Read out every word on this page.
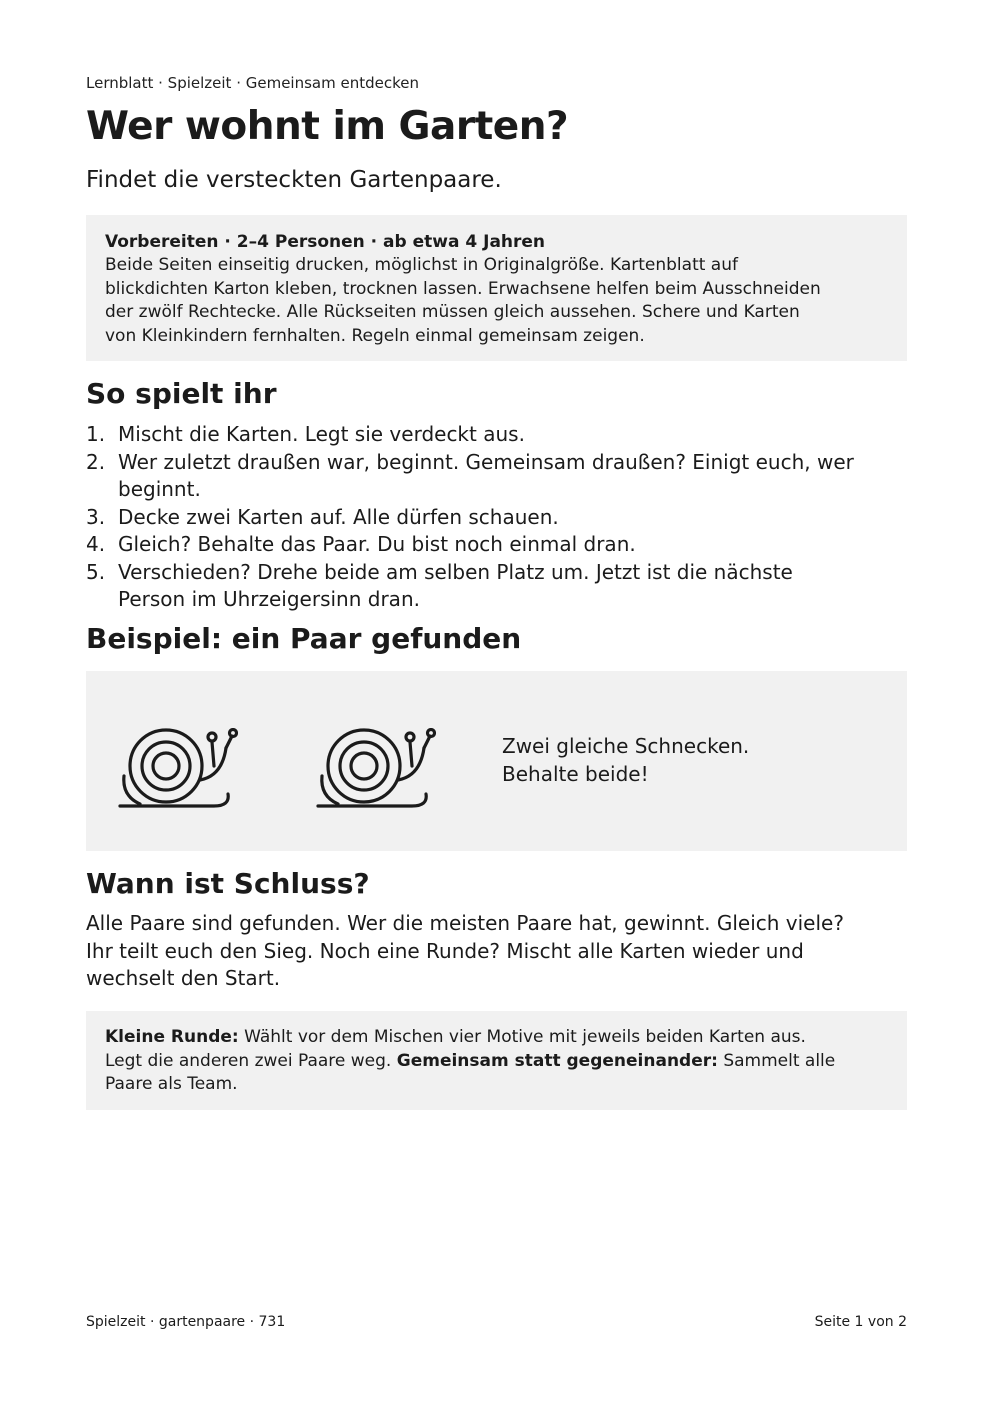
Lernblatt · Spielzeit · Gemeinsam entdecken
Wer wohnt im Garten?
Findet die versteckten Gartenpaare.
Vorbereiten · 2–4 Personen · ab etwa 4 Jahren
Beide Seiten einseitig drucken, möglichst in Originalgröße. Kartenblatt auf
blickdichten Karton kleben, trocknen lassen. Erwachsene helfen beim Ausschneiden
der zwölf Rechtecke. Alle Rückseiten müssen gleich aussehen. Schere und Karten
von Kleinkindern fernhalten. Regeln einmal gemeinsam zeigen.
So spielt ihr
1. Mischt die Karten. Legt sie verdeckt aus.
2. Wer zuletzt draußen war, beginnt. Gemeinsam draußen? Einigt euch, wer
beginnt.
3. Decke zwei Karten auf. Alle dürfen schauen.
4. Gleich? Behalte das Paar. Du bist noch einmal dran.
5. Verschieden? Drehe beide am selben Platz um. Jetzt ist die nächste
Person im Uhrzeigersinn dran.
Beispiel: ein Paar gefunden
Zwei gleiche Schnecken.
Behalte beide!
Wann ist Schluss?
Alle Paare sind gefunden. Wer die meisten Paare hat, gewinnt. Gleich viele?
Ihr teilt euch den Sieg. Noch eine Runde? Mischt alle Karten wieder und
wechselt den Start.
Kleine Runde: Wählt vor dem Mischen vier Motive mit jeweils beiden Karten aus.
Legt die anderen zwei Paare weg. Gemeinsam statt gegeneinander: Sammelt alle
Paare als Team.
Spielzeit · gartenpaare · 731	Seite 1 von 2
